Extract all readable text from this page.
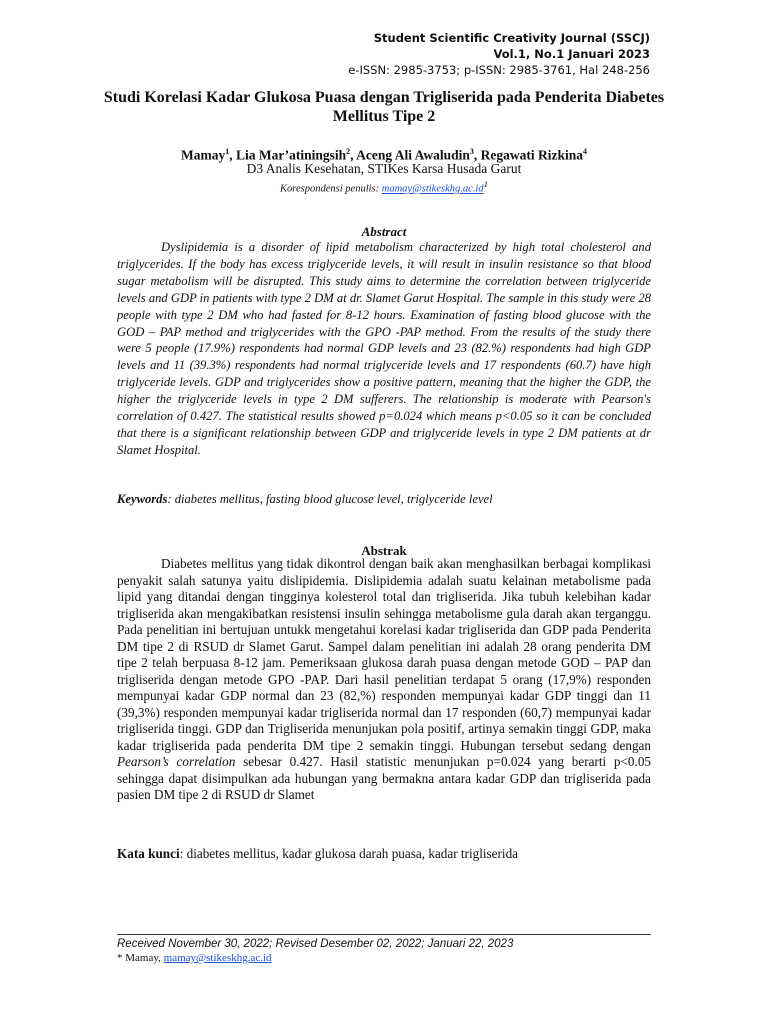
Student Scientific Creativity Journal (SSCJ)
Vol.1, No.1 Januari 2023
e-ISSN: 2985-3753; p-ISSN: 2985-3761, Hal 248-256
Studi Korelasi Kadar Glukosa Puasa dengan Trigliserida pada Penderita Diabetes Mellitus Tipe 2
Mamay$^1$, Lia Mar’atiningsih$^2$, Aceng Ali Awaludin$^3$, Regawati Rizkina$^4$
D3 Analis Kesehatan, STIKes Karsa Husada Garut
Korespondensi penulis: $mamay@stikeskhg.ac.id^1$
Abstract

Dyslipidemia is a disorder of lipid metabolism characterized by high total cholesterol and triglycerides. If the body has excess triglyceride levels, it will result in insulin resistance so that blood sugar metabolism will be disrupted. This study aims to determine the correlation between triglyceride levels and GDP in patients with type 2 DM at dr. Slamet Garut Hospital. The sample in this study were 28 people with type 2 DM who had fasted for 8-12 hours. Examination of fasting blood glucose with the GOD – PAP method and triglycerides with the GPO -PAP method. From the results of the study there were 5 people (17.9%) respondents had normal GDP levels and 23 (82.%) respondents had high GDP levels and 11 (39.3%) respondents had normal triglyceride levels and 17 respondents (60.7) have high triglyceride levels. GDP and triglycerides show a positive pattern, meaning that the higher the GDP, the higher the triglyceride levels in type 2 DM sufferers. The relationship is moderate with Pearson's correlation of 0.427. The statistical results showed p=0.024 which means p<0.05 so it can be concluded that there is a significant relationship between GDP and triglyceride levels in type 2 DM patients at dr Slamet Hospital.

Keywords: diabetes mellitus, fasting blood glucose level, triglyceride level
Abstrak

Diabetes mellitus yang tidak dikontrol dengan baik akan menghasilkan berbagai komplikasi penyakit salah satunya yaitu dislipidemia. Dislipidemia adalah suatu kelainan metabolisme pada lipid yang ditandai dengan tingginya kolesterol total dan trigliserida. Jika tubuh kelebihan kadar trigliserida akan mengakibatkan resistensi insulin sehingga metabolisme gula darah akan terganggu. Pada penelitian ini bertujuan untukk mengetahui korelasi kadar trigliserida dan GDP pada Penderita DM tipe 2 di RSUD dr Slamet Garut. Sampel dalam penelitian ini adalah 28 orang penderita DM tipe 2 telah berpuasa 8-12 jam. Pemeriksaan glukosa darah puasa dengan metode GOD – PAP dan trigliserida dengan metode GPO -PAP. Dari hasil penelitian terdapat 5 orang (17,9%) responden mempunyai kadar GDP normal dan 23 (82,%) responden mempunyai kadar GDP tinggi dan 11 (39,3%) responden mempunyai kadar trigliserida normal dan 17 responden (60,7) mempunyai kadar trigliserida tinggi. GDP dan Trigliserida menunjukan pola positif, artinya semakin tinggi GDP, maka kadar trigliserida pada penderita DM tipe 2 semakin tinggi. Hubungan tersebut sedang dengan Pearson’s correlation sebesar 0.427. Hasil statistic menunjukan p=0.024 yang berarti p<0.05 sehingga dapat disimpulkan ada hubungan yang bermakna antara kadar GDP dan trigliserida pada pasien DM tipe 2 di RSUD dr Slamet

Kata kunci: diabetes mellitus, kadar glukosa darah puasa, kadar trigliserida
Received November 30, 2022; Revised Desember 02, 2022; Januari 22, 2023
* Mamay, mamay@stikeskhg.ac.id
